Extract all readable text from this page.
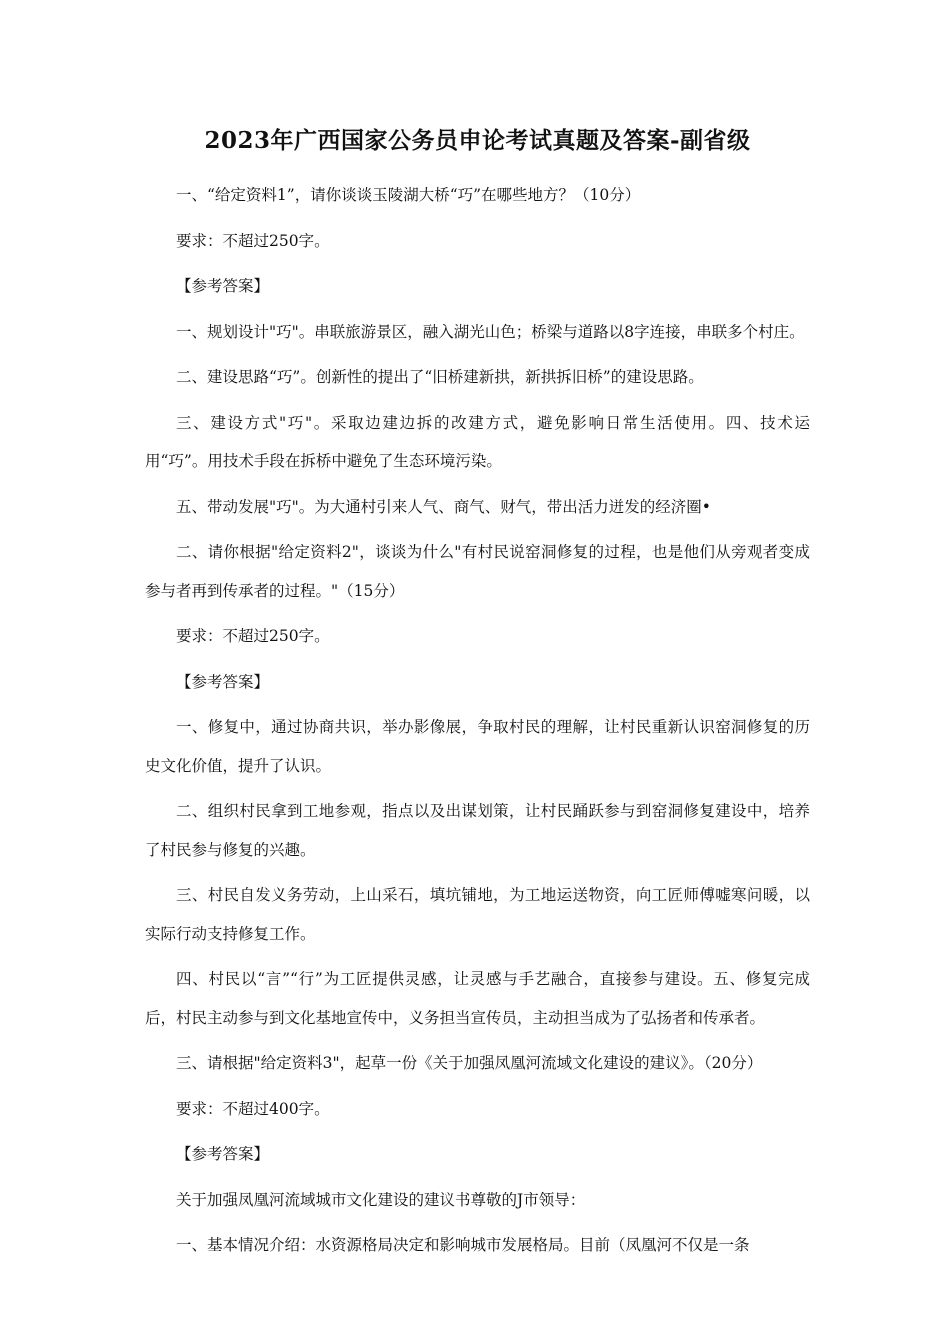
2023年广西国家公务员申论考试真题及答案-副省级

一、“给定资料1”，请你谈谈玉陵湖大桥“巧”在哪些地方？（10分）

要求：不超过250字。

【参考答案】

一、规划设计"巧"。串联旅游景区，融入湖光山色；桥梁与道路以8字连接，串联多个村庄。

二、建设思路“巧”。创新性的提出了“旧桥建新拱，新拱拆旧桥”的建设思路。

三、建设方式"巧"。采取边建边拆的改建方式，避免影响日常生活使用。四、技术运用“巧”。用技术手段在拆桥中避免了生态环境污染。

五、带动发展"巧"。为大通村引来人气、商气、财气，带出活力迸发的经济圈•

二、请你根据"给定资料2"，谈谈为什么"有村民说窑洞修复的过程，也是他们从旁观者变成参与者再到传承者的过程。"（15分）

要求：不超过250字。

【参考答案】

一、修复中，通过协商共识，举办影像展，争取村民的理解，让村民重新认识窑洞修复的历史文化价值，提升了认识。

二、组织村民拿到工地参观，指点以及出谋划策，让村民踊跃参与到窑洞修复建设中，培养了村民参与修复的兴趣。

三、村民自发义务劳动，上山采石，填坑铺地，为工地运送物资，向工匠师傅嘘寒问暖，以实际行动支持修复工作。

四、村民以“言”“行”为工匠提供灵感，让灵感与手艺融合，直接参与建设。五、修复完成后，村民主动参与到文化基地宣传中，义务担当宣传员，主动担当成为了弘扬者和传承者。

三、请根据"给定资料3"，起草一份《关于加强凤凰河流域文化建设的建议》。（20分）

要求：不超过400字。

【参考答案】

关于加强凤凰河流域城市文化建设的建议书尊敬的J市领导：

一、基本情况介绍：水资源格局决定和影响城市发展格局。目前（凤凰河不仅是一条
